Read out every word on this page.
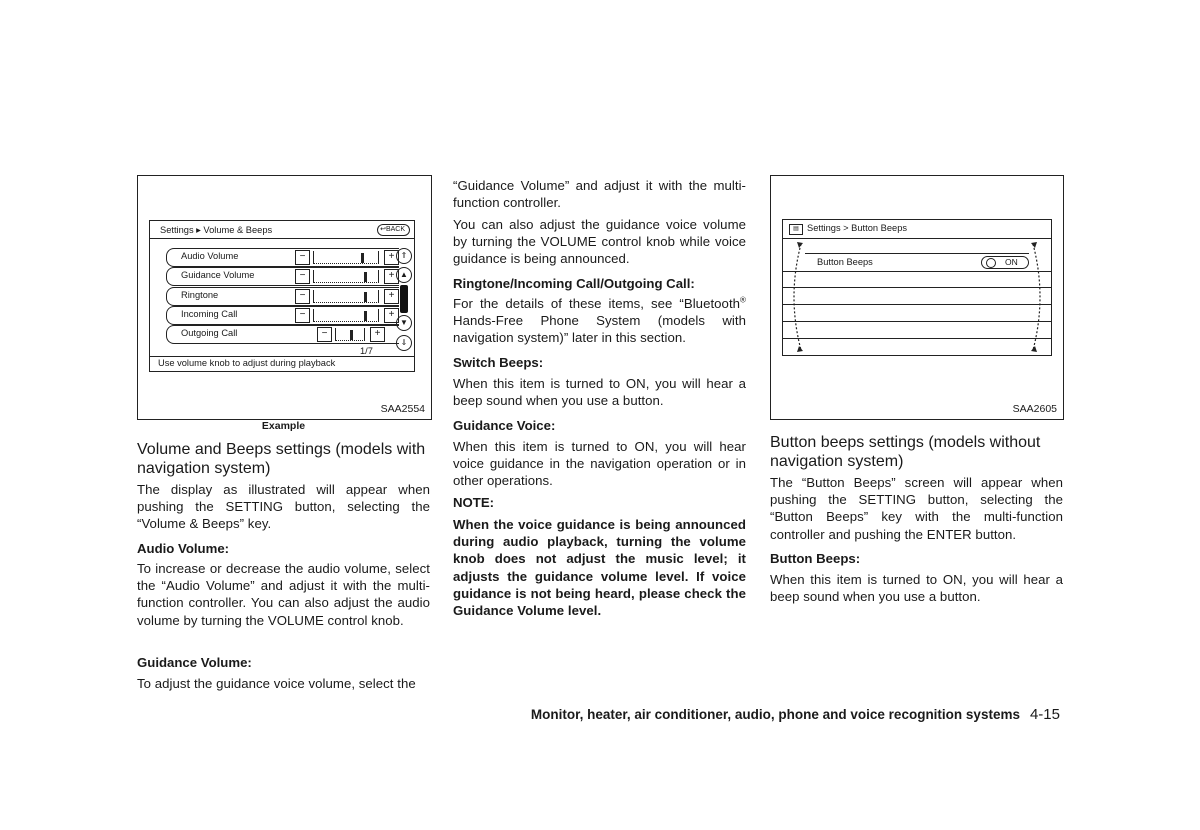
Settings ▸ Volume & Beeps	↩BACK
Audio Volume	−	+
Guidance Volume	−	+
Ringtone	−	+
Incoming Call	−	+
Outgoing Call	−	+
⇑
▲
▼
⇓
1/7
Use volume knob to adjust during playback
SAA2554
Example

Volume and Beeps settings (models with navigation system)

The display as illustrated will appear when pushing the SETTING button, selecting the “Volume & Beeps” key.

Audio Volume:

To increase or decrease the audio volume, select the “Audio Volume” and adjust it with the multi-function controller. You can also adjust the audio volume by turning the VOLUME control knob.

Guidance Volume:

To adjust the guidance voice volume, select the

“Guidance Volume” and adjust it with the multi-function controller.

You can also adjust the guidance voice volume by turning the VOLUME control knob while voice guidance is being announced.

Ringtone/Incoming Call/Outgoing Call:

For the details of these items, see “Bluetooth® Hands-Free Phone System (models with navigation system)” later in this section.

Switch Beeps:

When this item is turned to ON, you will hear a beep sound when you use a button.

Guidance Voice:

When this item is turned to ON, you will hear voice guidance in the navigation operation or in other operations.

NOTE:

When the voice guidance is being announced during audio playback, turning the volume knob does not adjust the music level; it adjusts the guidance volume level. If voice guidance is not being heard, please check the Guidance Volume level.

▤ Settings > Button Beeps
Button Beeps	ON
SAA2605

Button beeps settings (models without navigation system)

The “Button Beeps” screen will appear when pushing the SETTING button, selecting the “Button Beeps” key with the multi-function controller and pushing the ENTER button.

Button Beeps:

When this item is turned to ON, you will hear a beep sound when you use a button.

Monitor, heater, air conditioner, audio, phone and voice recognition systems 4-15
